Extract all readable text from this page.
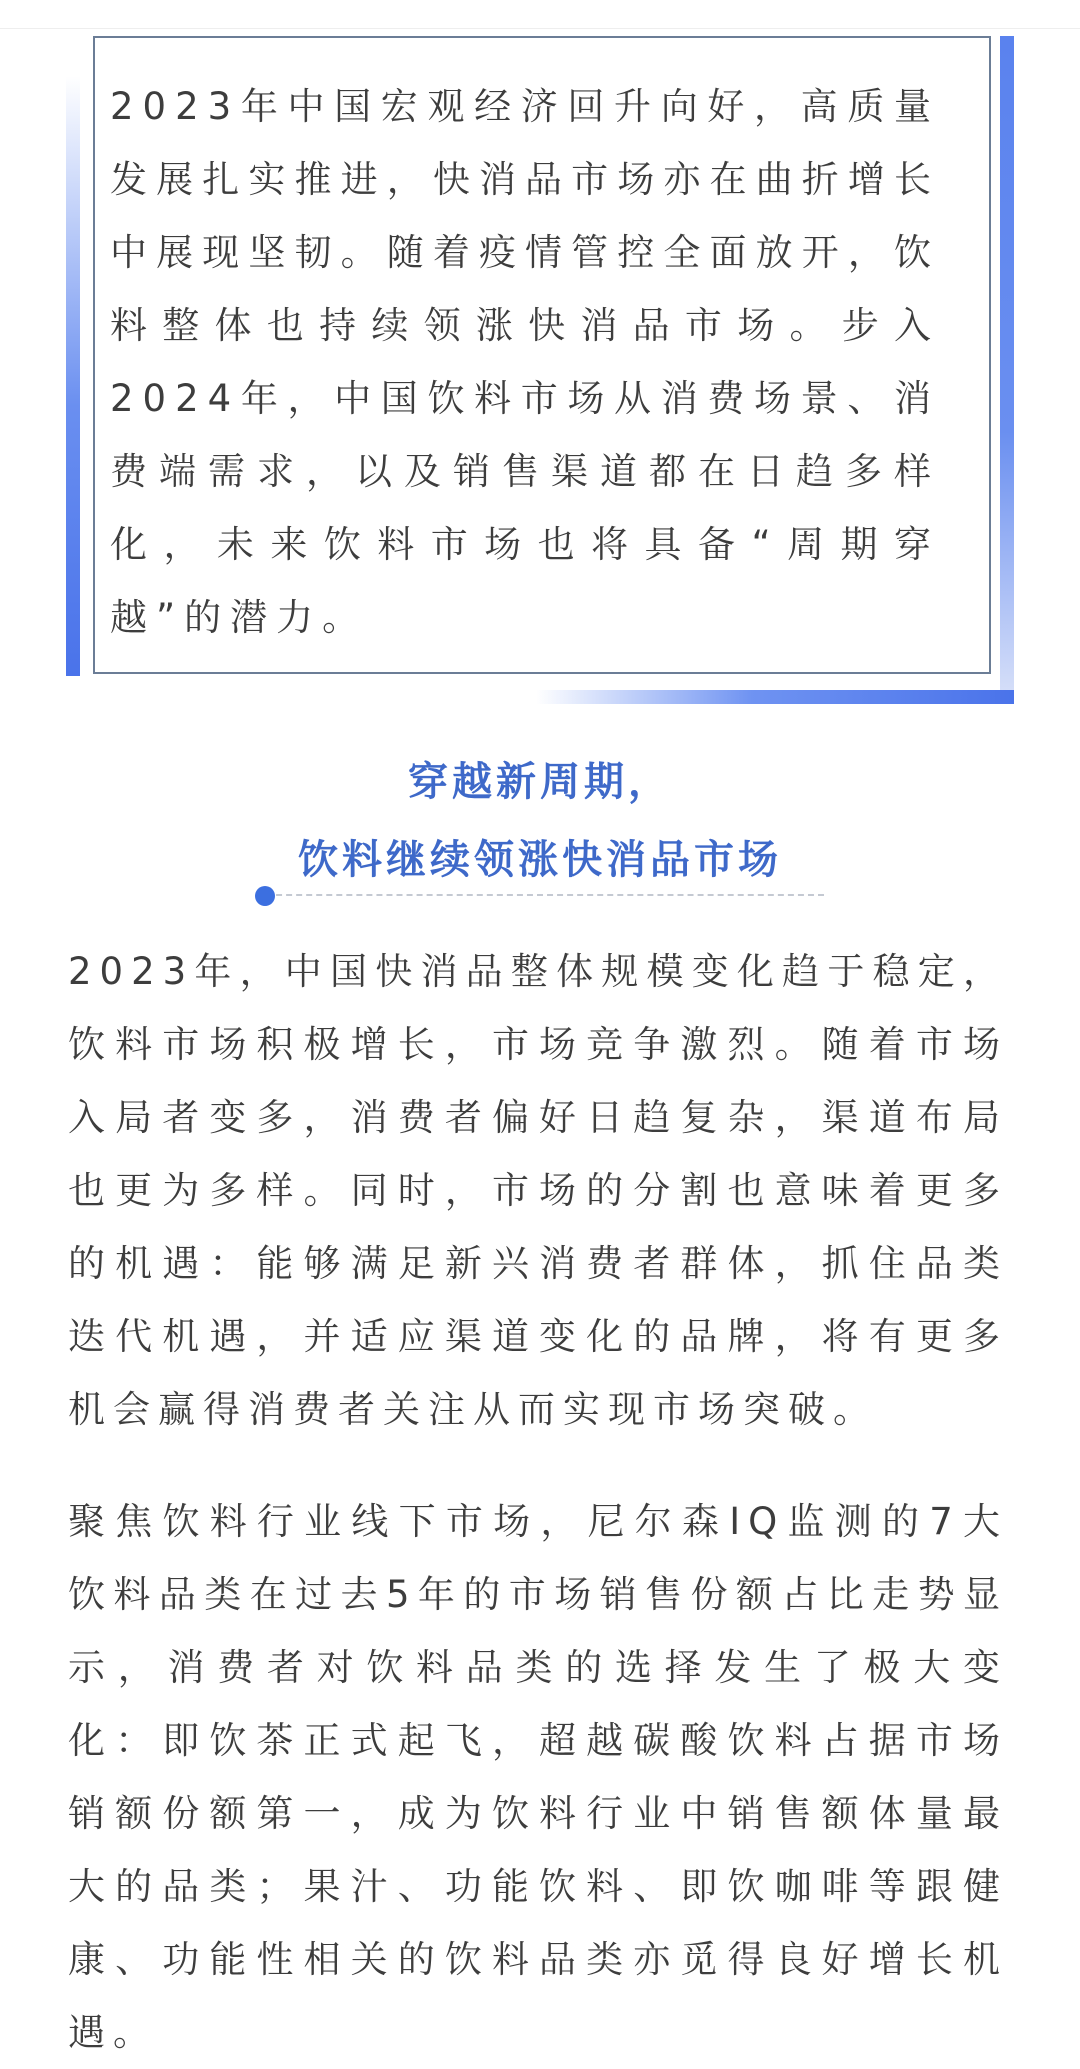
2023年中国宏观经济回升向好，高质量发展扎实推进，快消品市场亦在曲折增长中展现坚韧。随着疫情管控全面放开，饮料整体也持续领涨快消品市场。步入2024年，中国饮料市场从消费场景、消费端需求，以及销售渠道都在日趋多样化，未来饮料市场也将具备“周期穿越”的潜力。

穿越新周期，
饮料继续领涨快消品市场

2023年，中国快消品整体规模变化趋于稳定，饮料市场积极增长，市场竞争激烈。随着市场入局者变多，消费者偏好日趋复杂，渠道布局也更为多样。同时，市场的分割也意味着更多的机遇：能够满足新兴消费者群体，抓住品类迭代机遇，并适应渠道变化的品牌，将有更多机会赢得消费者关注从而实现市场突破。

聚焦饮料行业线下市场，尼尔森IQ监测的7大饮料品类在过去5年的市场销售份额占比走势显示，消费者对饮料品类的选择发生了极大变化：即饮茶正式起飞，超越碳酸饮料占据市场销额份额第一，成为饮料行业中销售额体量最大的品类；果汁、功能饮料、即饮咖啡等跟健康、功能性相关的饮料品类亦觅得良好增长机遇。
